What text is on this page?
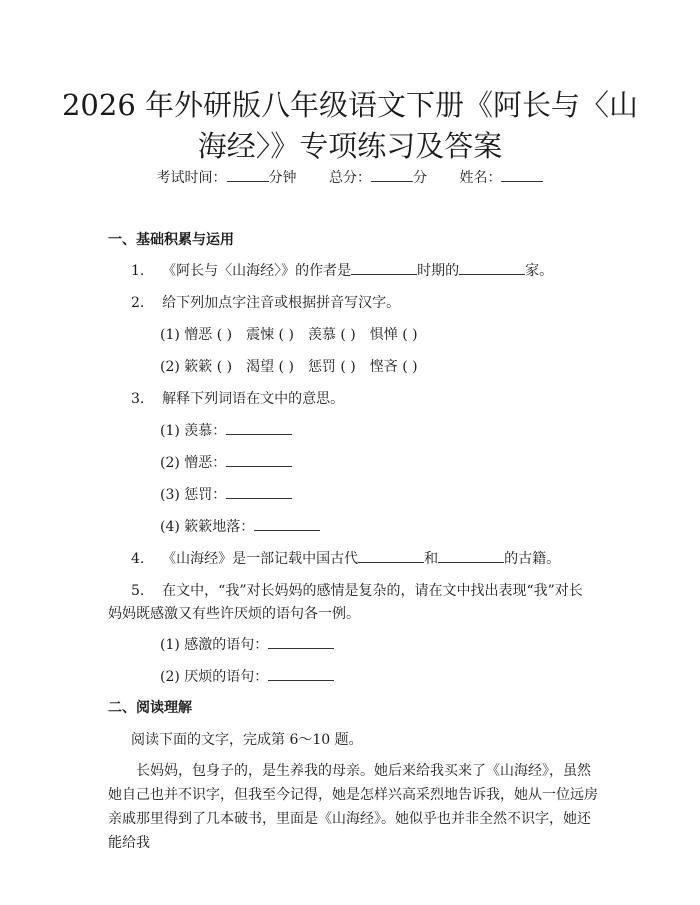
2026 年外研版八年级语文下册《阿长与〈山
海经〉》专项练习及答案
考试时间：	分钟 总分：	分 姓名：
一、基础积累与运用
1. 《阿长与〈山海经〉》的作者是	时期的	家。
2. 给下列加点字注音或根据拼音写汉字。
(1) 憎恶 ( ) 震悚 ( ) 羡慕 ( ) 惧惮 ( )
(2) 簌簌 ( ) 渴望 ( ) 惩罚 ( ) 悭吝 ( )
3. 解释下列词语在文中的意思。
(1) 羡慕：
(2) 憎恶：
(3) 惩罚：
(4) 簌簌地落：
4. 《山海经》是一部记载中国古代	和	的古籍。
5. 在文中，“我”对长妈妈的感情是复杂的，请在文中找出表现“我”对长
妈妈既感激又有些许厌烦的语句各一例。
(1) 感激的语句：
(2) 厌烦的语句：
二、阅读理解
阅读下面的文字，完成第 6～10 题。
长妈妈，包身子的，是生养我的母亲。她后来给我买来了《山海经》，虽然她自己也并不识字，但我至今记得，她是怎样兴高采烈地告诉我，她从一位远房亲戚那里得到了几本破书，里面是《山海经》。她似乎也并非全然不识字，她还能给我
